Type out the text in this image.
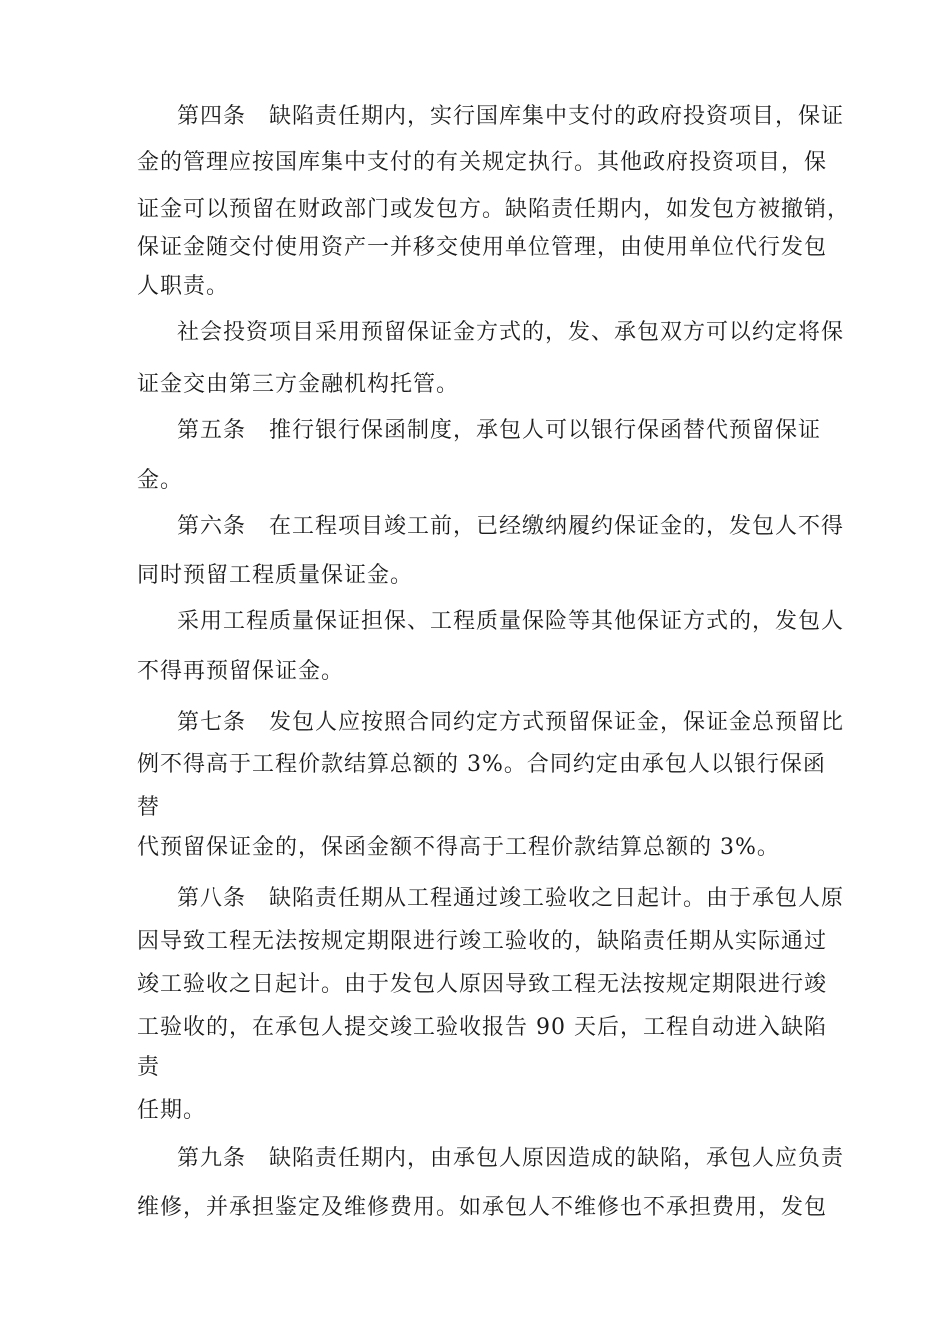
第四条　缺陷责任期内，实行国库集中支付的政府投资项目，保证
金的管理应按国库集中支付的有关规定执行。其他政府投资项目，保
证金可以预留在财政部门或发包方。缺陷责任期内，如发包方被撤销，
保证金随交付使用资产一并移交使用单位管理，由使用单位代行发包
人职责。
社会投资项目采用预留保证金方式的，发、承包双方可以约定将保
证金交由第三方金融机构托管。
第五条　推行银行保函制度，承包人可以银行保函替代预留保证
金。
第六条　在工程项目竣工前，已经缴纳履约保证金的，发包人不得
同时预留工程质量保证金。
采用工程质量保证担保、工程质量保险等其他保证方式的，发包人
不得再预留保证金。
第七条　发包人应按照合同约定方式预留保证金，保证金总预留比
例不得高于工程价款结算总额的 3%。合同约定由承包人以银行保函
替
代预留保证金的，保函金额不得高于工程价款结算总额的 3%。
第八条　缺陷责任期从工程通过竣工验收之日起计。由于承包人原
因导致工程无法按规定期限进行竣工验收的，缺陷责任期从实际通过
竣工验收之日起计。由于发包人原因导致工程无法按规定期限进行竣
工验收的，在承包人提交竣工验收报告 90 天后，工程自动进入缺陷
责
任期。
第九条　缺陷责任期内，由承包人原因造成的缺陷，承包人应负责
维修，并承担鉴定及维修费用。如承包人不维修也不承担费用，发包
